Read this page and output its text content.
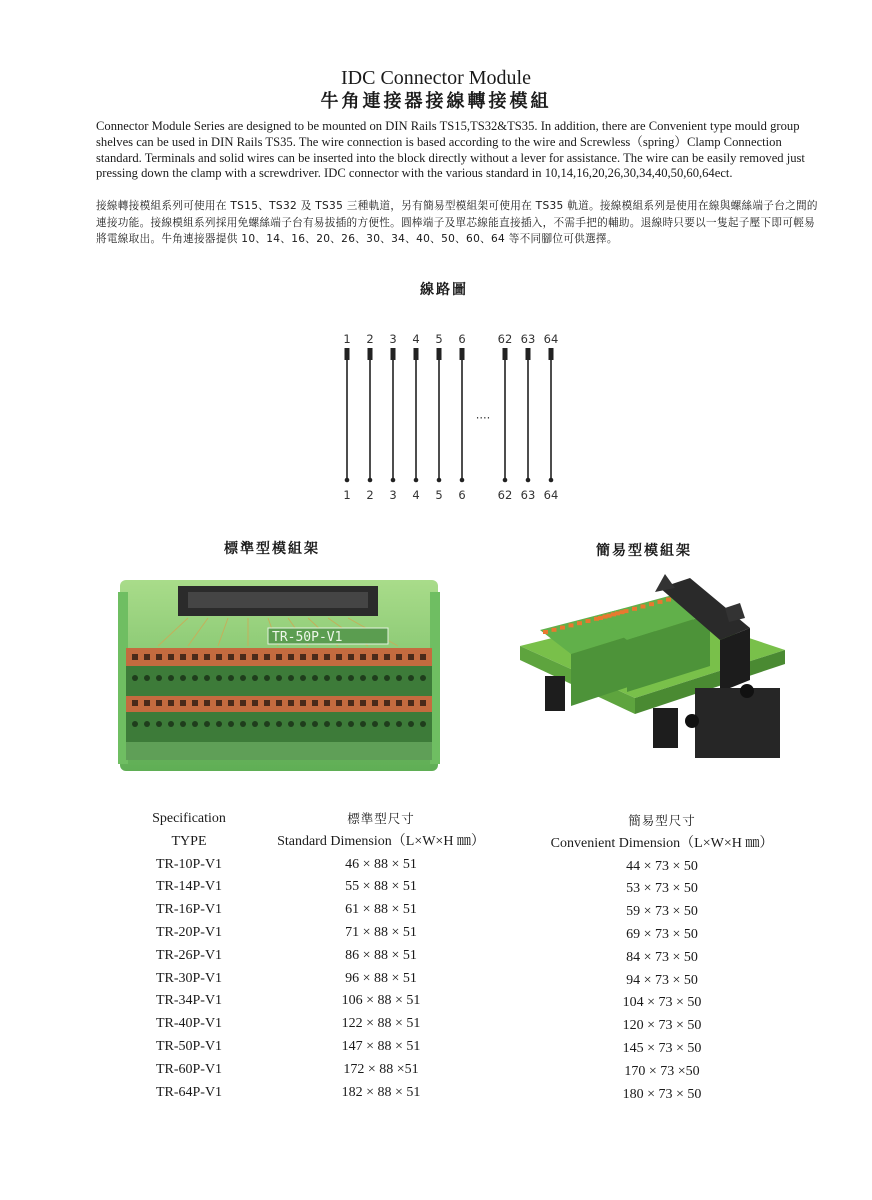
IDC Connector Module
牛角連接器接線轉接模組

Connector Module Series are designed to be mounted on DIN Rails TS15,TS32&TS35. In addition, there are Convenient type mould group shelves can be used in DIN Rails TS35. The wire connection is based according to the wire and Screwless（spring）Clamp Connection standard. Terminals and solid wires can be inserted into the block directly without a lever for assistance. The wire can be easily removed just pressing down the clamp with a screwdriver. IDC connector with the various standard in 10,14,16,20,26,30,34,40,50,60,64ect.

接線轉接模組系列可使用在 TS15、TS32 及 TS35 三種軌道，另有簡易型模組架可使用在 TS35 軌道。接線模組系列是使用在線與螺絲端子台之間的連接功能。接線模組系列採用免螺絲端子台有易拔插的方便性。圓棒端子及單芯線能直接插入，不需手把的輔助。退線時只要以一隻起子壓下即可輕易將電線取出。牛角連接器提供 10、14、16、20、26、30、34、40、50、60、64 等不同腳位可供選擇。

線路圖
1
1
2
2
3
3
4
4
5
5
6
6
62
62
63
63
64
64
····
標準型模組架	簡易型模組架
TR-50P-V1
Specification
TYPE
TR-10P-V1
TR-14P-V1
TR-16P-V1
TR-20P-V1
TR-26P-V1
TR-30P-V1
TR-34P-V1
TR-40P-V1
TR-50P-V1
TR-60P-V1
TR-64P-V1
標準型尺寸
Standard Dimension（L×W×H ㎜）
46 × 88 × 51
55 × 88 × 51
61 × 88 × 51
71 × 88 × 51
86 × 88 × 51
96 × 88 × 51
106 × 88 × 51
122 × 88 × 51
147 × 88 × 51
172 × 88 ×51
182 × 88 × 51
簡易型尺寸
Convenient Dimension（L×W×H ㎜）
44 × 73 × 50
53 × 73 × 50
59 × 73 × 50
69 × 73 × 50
84 × 73 × 50
94 × 73 × 50
104 × 73 × 50
120 × 73 × 50
145 × 73 × 50
170 × 73 ×50
180 × 73 × 50
